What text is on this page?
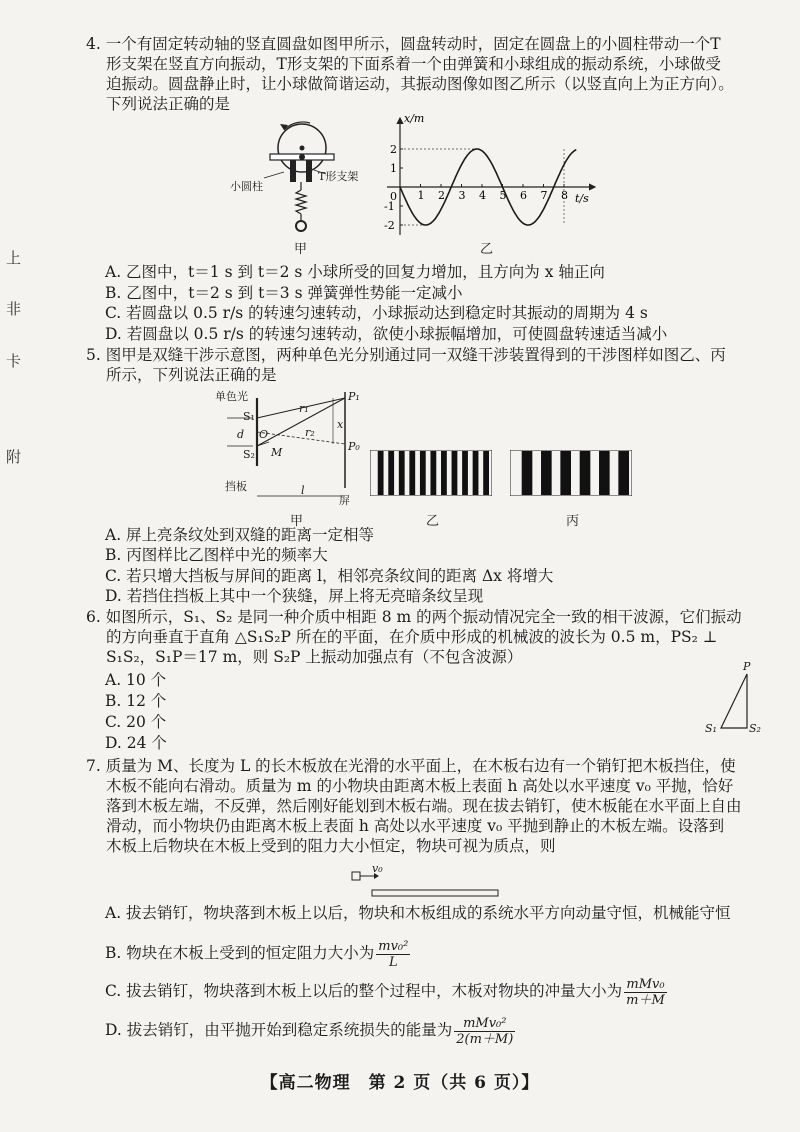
上
非
卡
附

4. 一个有固定转动轴的竖直圆盘如图甲所示，圆盘转动时，固定在圆盘上的小圆柱带动一个T

形支架在竖直方向振动，T形支架的下面系着一个由弹簧和小球组成的振动系统，小球做受

迫振动。圆盘静止时，让小球做简谐运动，其振动图像如图乙所示（以竖直向上为正方向）。

下列说法正确的是

小圆柱
T形支架
甲
1 2 3 4 5 6 7 8
2
1
-1
-2
x/m
t/s
0
乙
A. 乙图中，t＝1 s 到 t＝2 s 小球所受的回复力增加，且方向为 x 轴正向
B. 乙图中，t＝2 s 到 t＝3 s 弹簧弹性势能一定减小
C. 若圆盘以 0.5 r/s 的转速匀速转动，小球振动达到稳定时其振动的周期为 4 s
D. 若圆盘以 0.5 r/s 的转速匀速转动，欲使小球振幅增加，可使圆盘转速适当减小

5. 图甲是双缝干涉示意图，两种单色光分别通过同一双缝干涉装置得到的干涉图样如图乙、丙

所示，下列说法正确的是

单色光
S₁
S₂
d O
M
r₁
r₂
P₁
P₀
x
l
挡板
屏
甲	乙	丙
A. 屏上亮条纹处到双缝的距离一定相等
B. 丙图样比乙图样中光的频率大
C. 若只增大挡板与屏间的距离 l，相邻亮条纹间的距离 Δx 将增大
D. 若挡住挡板上其中一个狭缝，屏上将无亮暗条纹呈现

6. 如图所示，S₁、S₂ 是同一种介质中相距 8 m 的两个振动情况完全一致的相干波源，它们振动

的方向垂直于直角 △S₁S₂P 所在的平面，在介质中形成的机械波的波长为 0.5 m，PS₂ ⊥

S₁S₂，S₁P＝17 m，则 S₂P 上振动加强点有（不包含波源）

A. 10 个
B. 12 个
C. 20 个
D. 24 个
P
S₁	S₂

7. 质量为 M、长度为 L 的长木板放在光滑的水平面上，在木板右边有一个销钉把木板挡住，使

木板不能向右滑动。质量为 m 的小物块由距离木板上表面 h 高处以水平速度 v₀ 平抛，恰好

落到木板左端，不反弹，然后刚好能划到木板右端。现在拔去销钉，使木板能在水平面上自由

滑动，而小物块仍由距离木板上表面 h 高处以水平速度 v₀ 平抛到静止的木板左端。设落到

木板上后物块在木板上受到的阻力大小恒定，物块可视为质点，则

v₀
A. 拔去销钉，物块落到木板上以后，物块和木板组成的系统水平方向动量守恒，机械能守恒
B. 物块在木板上受到的恒定阻力大小为 $\frac{\text{mv₀²}}{L}$
C. 拔去销钉，物块落到木板上以后的整个过程中，木板对物块的冲量大小为 $\frac{\text{mMv₀}}{m+M}$
D. 拔去销钉，由平抛开始到稳定系统损失的能量为 $\frac{\text{mMv₀²}}{2(m+M)}$
【高二物理　第 2 页（共 6 页）】
